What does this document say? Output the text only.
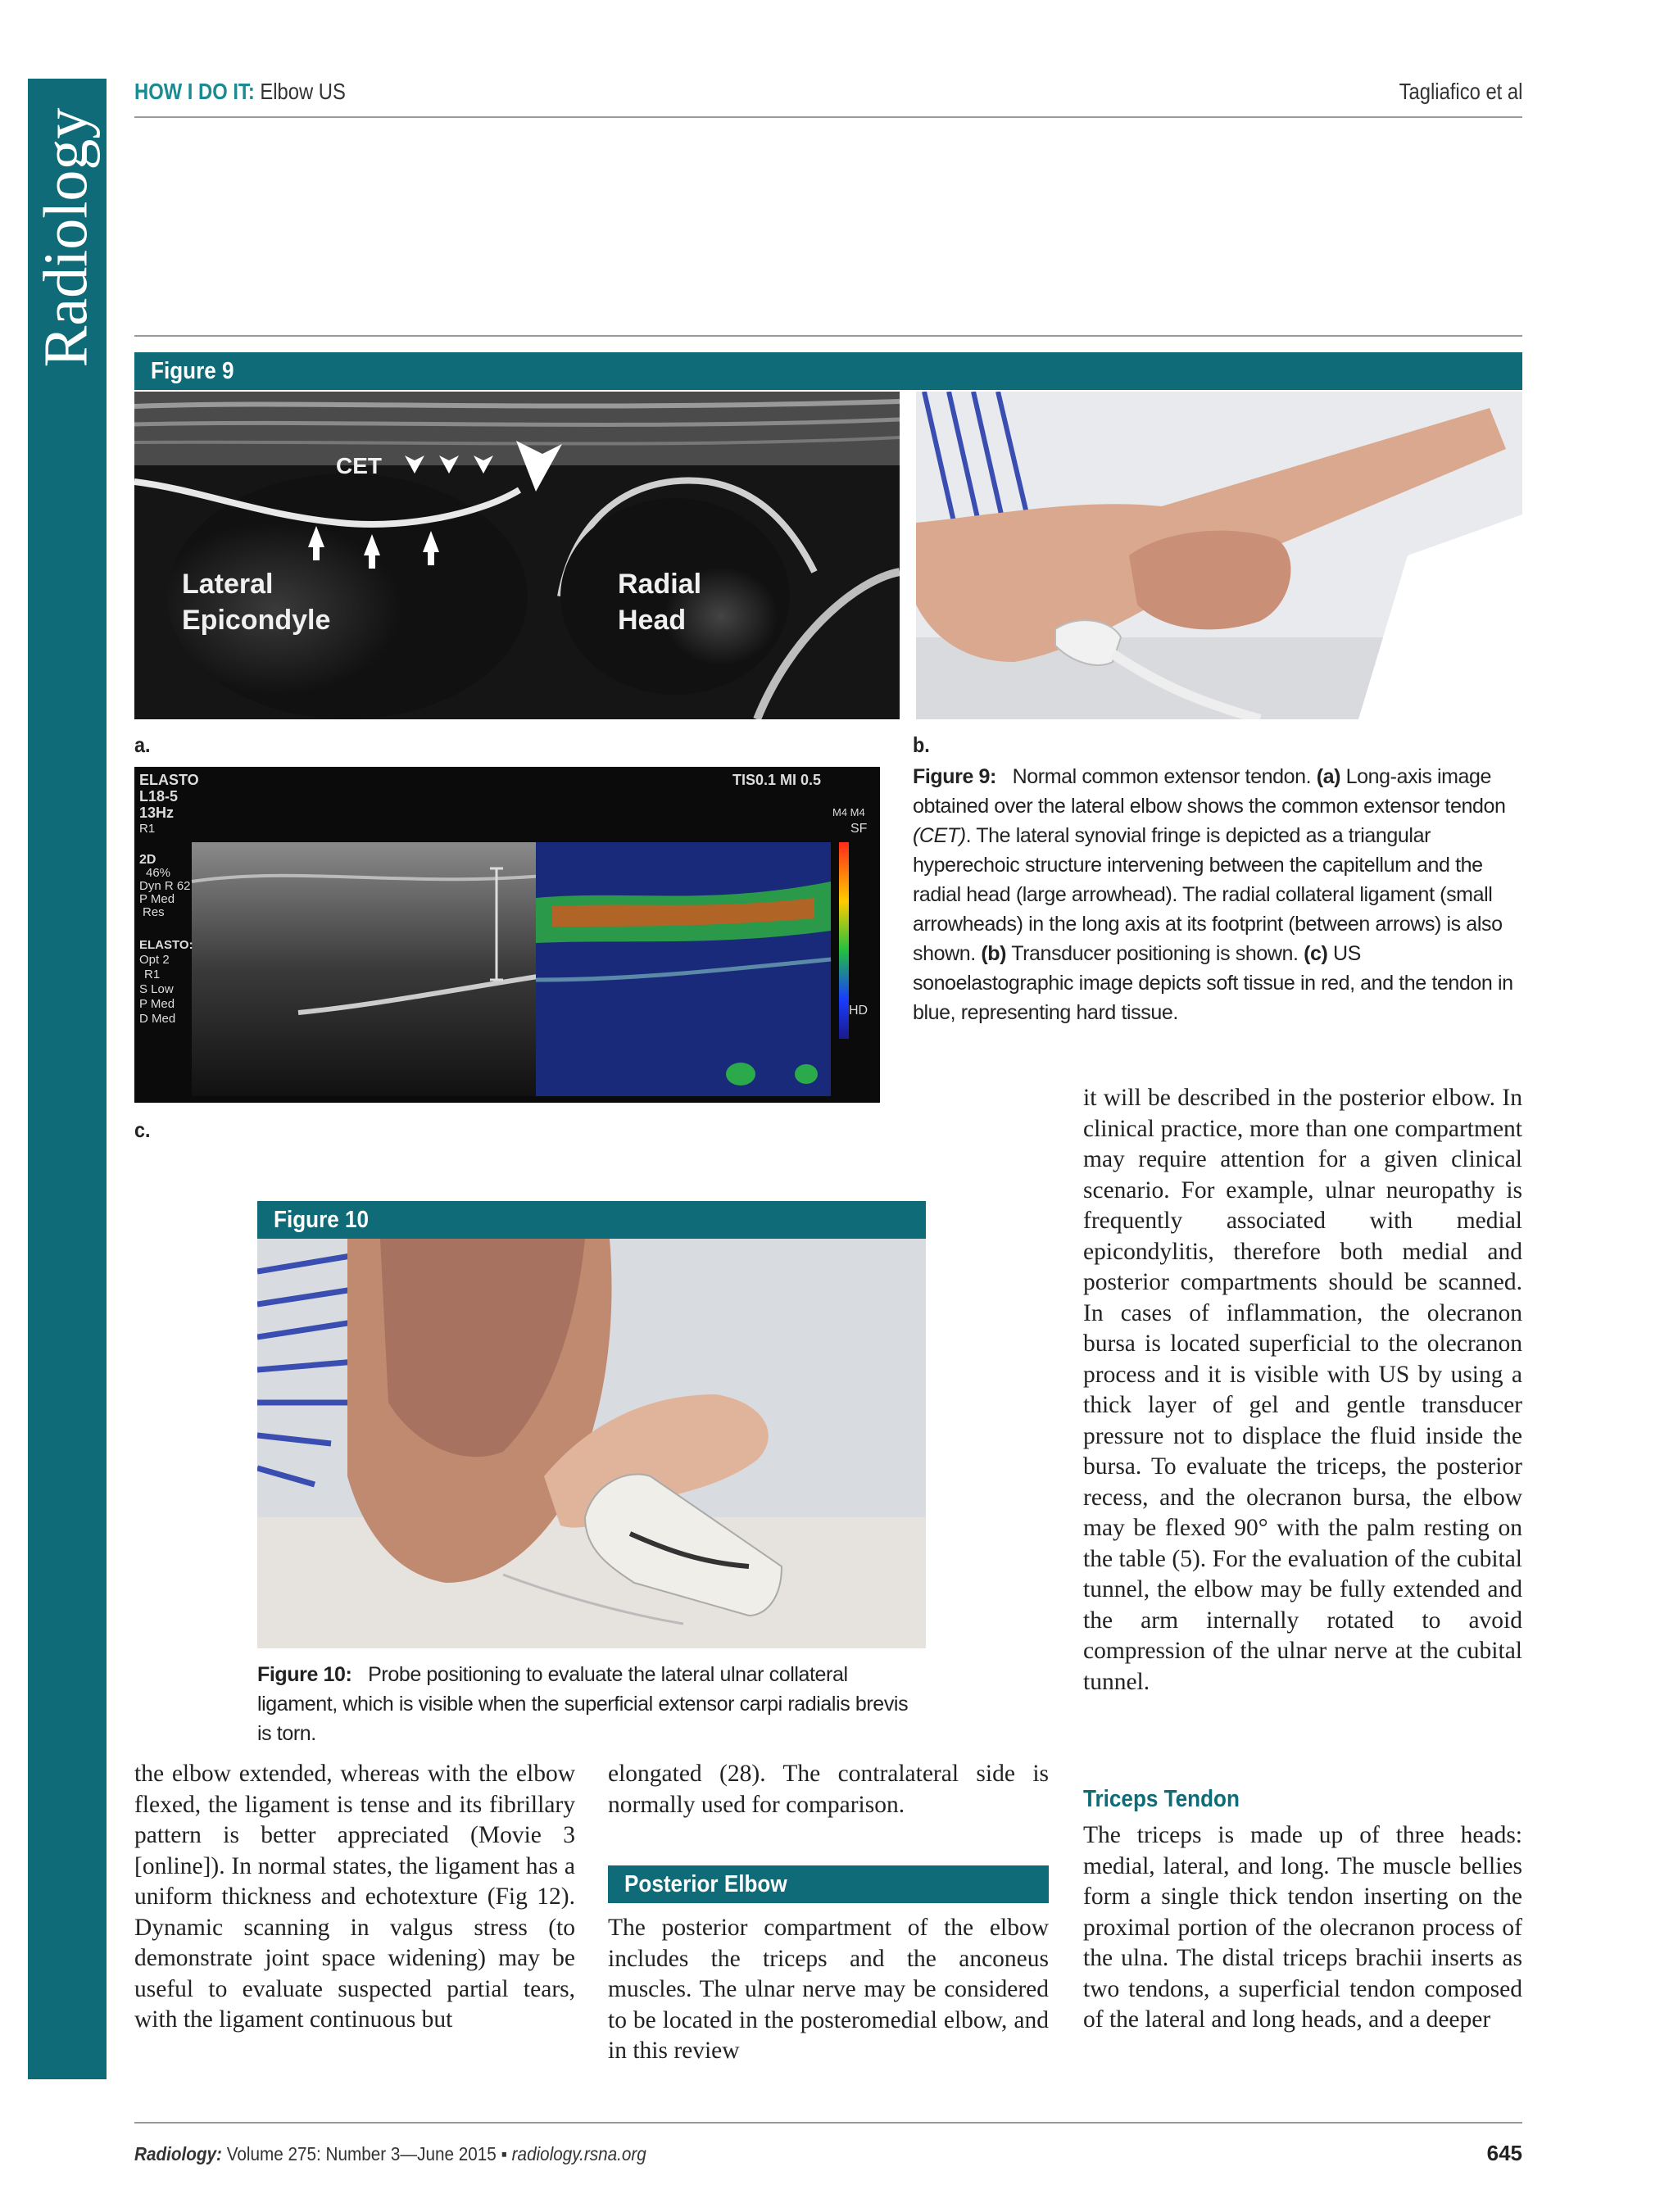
Radiology
HOW I DO IT: Elbow US	Tagliafico et al
Figure 9
CET
Lateral
Epicondyle
Radial
Head
a.	b.
ELASTO
L18-5
13Hz
R1
2D
46%
Dyn R 62
P Med
Res
ELASTO:
Opt 2
R1
S Low
P Med
D Med
TIS0.1 MI 0.5
M4 M4
SF
HD
c.
Figure 9: Normal common extensor tendon. (a) Long-axis image obtained over the lateral elbow shows the common extensor tendon (CET). The lateral synovial fringe is depicted as a triangular hyperechoic structure intervening between the capitellum and the radial head (large arrowhead). The radial collateral ligament (small arrowheads) in the long axis at its footprint (between arrows) is also shown. (b) Transducer positioning is shown. (c) US sonoelastographic image depicts soft tissue in red, and the tendon in blue, representing hard tissue.
Figure 10
Figure 10: Probe positioning to evaluate the lateral ulnar collateral ligament, which is visible when the superficial extensor carpi radialis brevis is torn.

the elbow extended, whereas with the elbow flexed, the ligament is tense and its fibrillary pattern is better appreciated (Movie 3 [online]). In normal states, the ligament has a uniform thickness and echotexture (Fig 12). Dynamic scanning in valgus stress (to demonstrate joint space widening) may be useful to evaluate suspected partial tears, with the ligament continuous but

elongated (28). The contralateral side is normally used for comparison.

Posterior Elbow

The posterior compartment of the elbow includes the triceps and the anconeus muscles. The ulnar nerve may be considered to be located in the posteromedial elbow, and in this review

it will be described in the posterior elbow. In clinical practice, more than one compartment may require attention for a given clinical scenario. For example, ulnar neuropathy is frequently associated with medial epicondylitis, therefore both medial and posterior compartments should be scanned. In cases of inflammation, the olecranon bursa is located superficial to the olecranon process and it is visible with US by using a thick layer of gel and gentle transducer pressure not to displace the fluid inside the bursa. To evaluate the triceps, the posterior recess, and the olecranon bursa, the elbow may be flexed 90° with the palm resting on the table (5). For the evaluation of the cubital tunnel, the elbow may be fully extended and the arm internally rotated to avoid compression of the ulnar nerve at the cubital tunnel.

Triceps Tendon

The triceps is made up of three heads: medial, lateral, and long. The muscle bellies form a single thick tendon inserting on the proximal portion of the olecranon process of the ulna. The distal triceps brachii inserts as two tendons, a superficial tendon composed of the lateral and long heads, and a deeper

Radiology: Volume 275: Number 3—June 2015 ▪ radiology.rsna.org	645
